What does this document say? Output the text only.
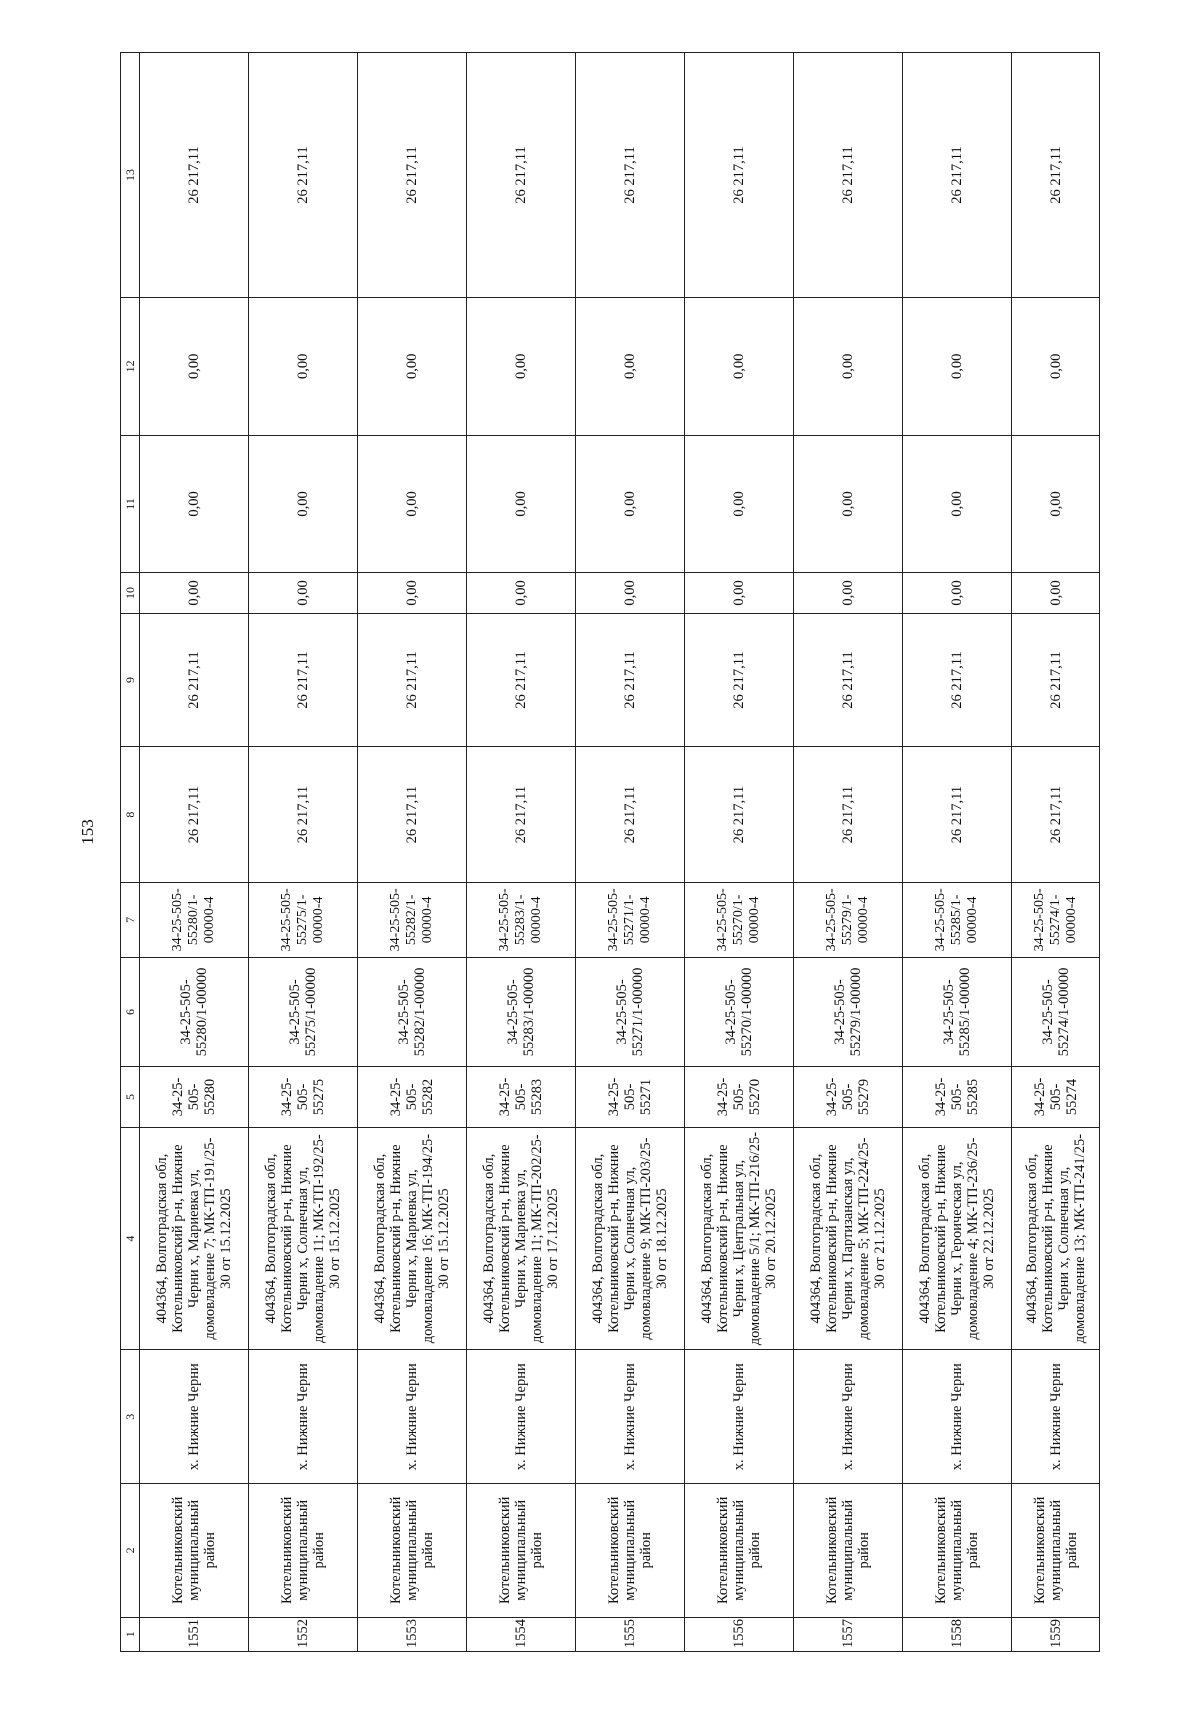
153
1	2	3	4	5	6	7	8	9	10	11	12	13
1551	Котельниковский муниципальный район	х. Нижние Черни	404364, Волгоградская обл, Котельниковский р-н, Нижние Черни х, Мариевка ул, домовладение 7; МК-ТП-191/25-30 от 15.12.2025	34-25-505-55280	34-25-505-55280/1-00000	34-25-505-55280/1-00000-4	26 217,11	26 217,11	0,00	0,00	0,00	26 217,11
1552	Котельниковский муниципальный район	х. Нижние Черни	404364, Волгоградская обл, Котельниковский р-н, Нижние Черни х, Солнечная ул, домовладение 11; МК-ТП-192/25-30 от 15.12.2025	34-25-505-55275	34-25-505-55275/1-00000	34-25-505-55275/1-00000-4	26 217,11	26 217,11	0,00	0,00	0,00	26 217,11
1553	Котельниковский муниципальный район	х. Нижние Черни	404364, Волгоградская обл, Котельниковский р-н, Нижние Черни х, Мариевка ул, домовладение 16; МК-ТП-194/25-30 от 15.12.2025	34-25-505-55282	34-25-505-55282/1-00000	34-25-505-55282/1-00000-4	26 217,11	26 217,11	0,00	0,00	0,00	26 217,11
1554	Котельниковский муниципальный район	х. Нижние Черни	404364, Волгоградская обл, Котельниковский р-н, Нижние Черни х, Мариевка ул, домовладение 11; МК-ТП-202/25-30 от 17.12.2025	34-25-505-55283	34-25-505-55283/1-00000	34-25-505-55283/1-00000-4	26 217,11	26 217,11	0,00	0,00	0,00	26 217,11
1555	Котельниковский муниципальный район	х. Нижние Черни	404364, Волгоградская обл, Котельниковский р-н, Нижние Черни х, Солнечная ул, домовладение 9; МК-ТП-203/25-30 от 18.12.2025	34-25-505-55271	34-25-505-55271/1-00000	34-25-505-55271/1-00000-4	26 217,11	26 217,11	0,00	0,00	0,00	26 217,11
1556	Котельниковский муниципальный район	х. Нижние Черни	404364, Волгоградская обл, Котельниковский р-н, Нижние Черни х, Центральная ул, домовладение 5/1; МК-ТП-216/25-30 от 20.12.2025	34-25-505-55270	34-25-505-55270/1-00000	34-25-505-55270/1-00000-4	26 217,11	26 217,11	0,00	0,00	0,00	26 217,11
1557	Котельниковский муниципальный район	х. Нижние Черни	404364, Волгоградская обл, Котельниковский р-н, Нижние Черни х, Партизанская ул, домовладение 5; МК-ТП-224/25-30 от 21.12.2025	34-25-505-55279	34-25-505-55279/1-00000	34-25-505-55279/1-00000-4	26 217,11	26 217,11	0,00	0,00	0,00	26 217,11
1558	Котельниковский муниципальный район	х. Нижние Черни	404364, Волгоградская обл, Котельниковский р-н, Нижние Черни х, Героическая ул, домовладение 4; МК-ТП-236/25-30 от 22.12.2025	34-25-505-55285	34-25-505-55285/1-00000	34-25-505-55285/1-00000-4	26 217,11	26 217,11	0,00	0,00	0,00	26 217,11
1559	Котельниковский муниципальный район	х. Нижние Черни	404364, Волгоградская обл, Котельниковский р-н, Нижние Черни х, Солнечная ул, домовладение 13; МК-ТП-241/25-	34-25-505-55274	34-25-505-55274/1-00000	34-25-505-55274/1-00000-4	26 217,11	26 217,11	0,00	0,00	0,00	26 217,11
